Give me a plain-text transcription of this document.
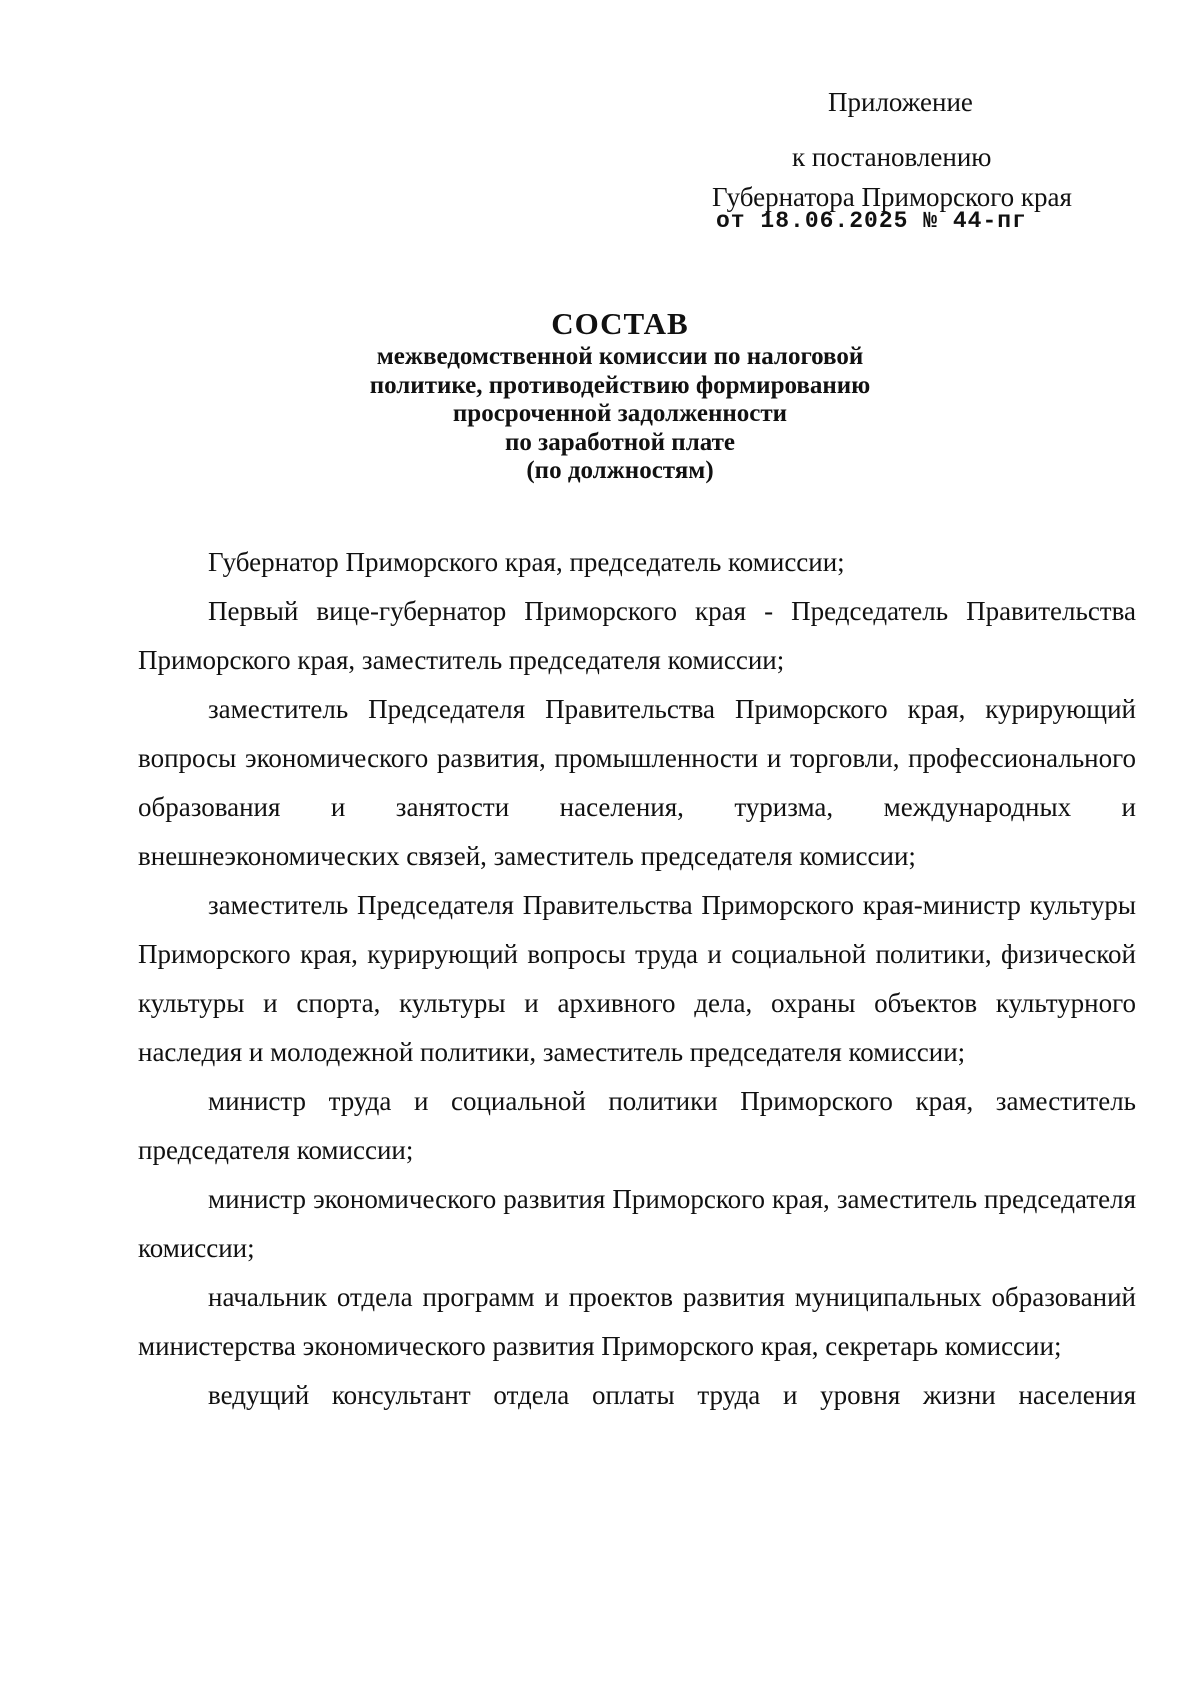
Приложение
к постановлению
Губернатора Приморского края
от 18.06.2025 № 44-пг
СОСТАВ
межведомственной комиссии по налоговой
политике, противодействию формированию
просроченной задолженности
по заработной плате
(по должностям)

Губернатор Приморского края, председатель комиссии;

Первый вице-губернатор Приморского края - Председатель Правительства Приморского края, заместитель председателя комиссии;

заместитель Председателя Правительства Приморского края, курирующий вопросы экономического развития, промышленности и торговли, профессионального образования и занятости населения, туризма, международных и внешнеэкономических связей, заместитель председателя комиссии;

заместитель Председателя Правительства Приморского края-министр культуры Приморского края, курирующий вопросы труда и социальной политики, физической культуры и спорта, культуры и архивного дела, охраны объектов культурного наследия и молодежной политики, заместитель председателя комиссии;

министр труда и социальной политики Приморского края, заместитель председателя комиссии;

министр экономического развития Приморского края, заместитель председателя комиссии;

начальник отдела программ и проектов развития муниципальных образований министерства экономического развития Приморского края, секретарь комиссии;

ведущий консультант отдела оплаты труда и уровня жизни населения
